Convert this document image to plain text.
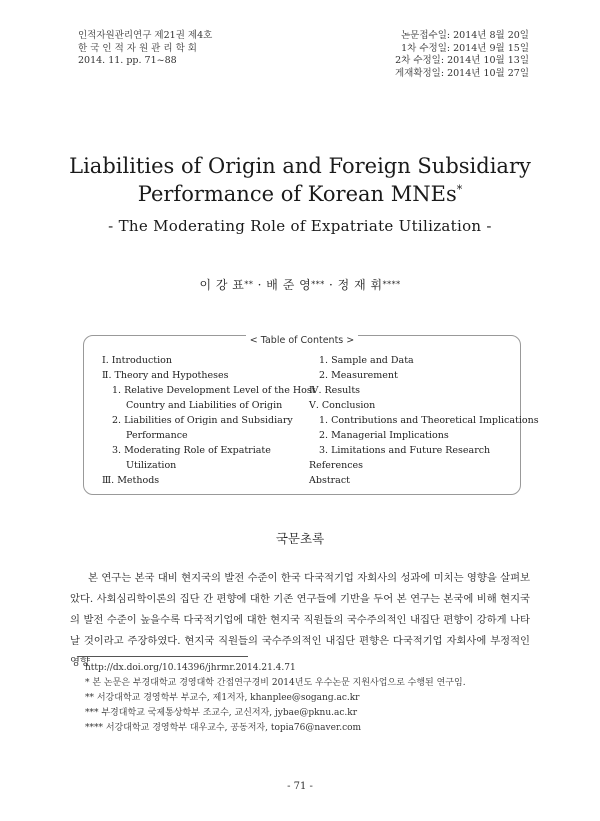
인적자원관리연구 제21권 제4호
한 국 인 적 자 원 관 리 학 회
2014. 11. pp. 71~88
논문접수일: 2014년 8월 20일
1차 수정일: 2014년 9월 15일
2차 수정일: 2014년 10월 13일
게재확정일: 2014년 10월 27일
Liabilities of Origin and Foreign Subsidiary
Performance of Korean MNEs*
- The Moderating Role of Expatriate Utilization -
이 강 표** · 배 준 영*** · 정 재 휘****
< Table of Contents >
Ⅰ. Introduction
Ⅱ. Theory and Hypotheses
1. Relative Development Level of the Host
Country and Liabilities of Origin
2. Liabilities of Origin and Subsidiary
Performance
3. Moderating Role of Expatriate
Utilization
Ⅲ. Methods
1. Sample and Data
2. Measurement
Ⅳ. Results
Ⅴ. Conclusion
1. Contributions and Theoretical Implications
2. Managerial Implications
3. Limitations and Future Research
References
Abstract
국문초록
본 연구는 본국 대비 현지국의 발전 수준이 한국 다국적기업 자회사의 성과에 미치는 영향을 살펴보았다. 사회심리학이론의 집단 간 편향에 대한 기존 연구들에 기반을 두어 본 연구는 본국에 비해 현지국의 발전 수준이 높을수록 다국적기업에 대한 현지국 직원들의 국수주의적인 내집단 편향이 강하게 나타날 것이라고 주장하였다. 현지국 직원들의 국수주의적인 내집단 편향은 다국적기업 자회사에 부정적인 영향
http://dx.doi.org/10.14396/jhrmr.2014.21.4.71
* 본 논문은 부경대학교 경영대학 간접연구경비 2014년도 우수논문 지원사업으로 수행된 연구임.
** 서강대학교 경영학부 부교수, 제1저자, khanplee@sogang.ac.kr
*** 부경대학교 국제통상학부 조교수, 교신저자, jybae@pknu.ac.kr
**** 서강대학교 경영학부 대우교수, 공동저자, topia76@naver.com
- 71 -
